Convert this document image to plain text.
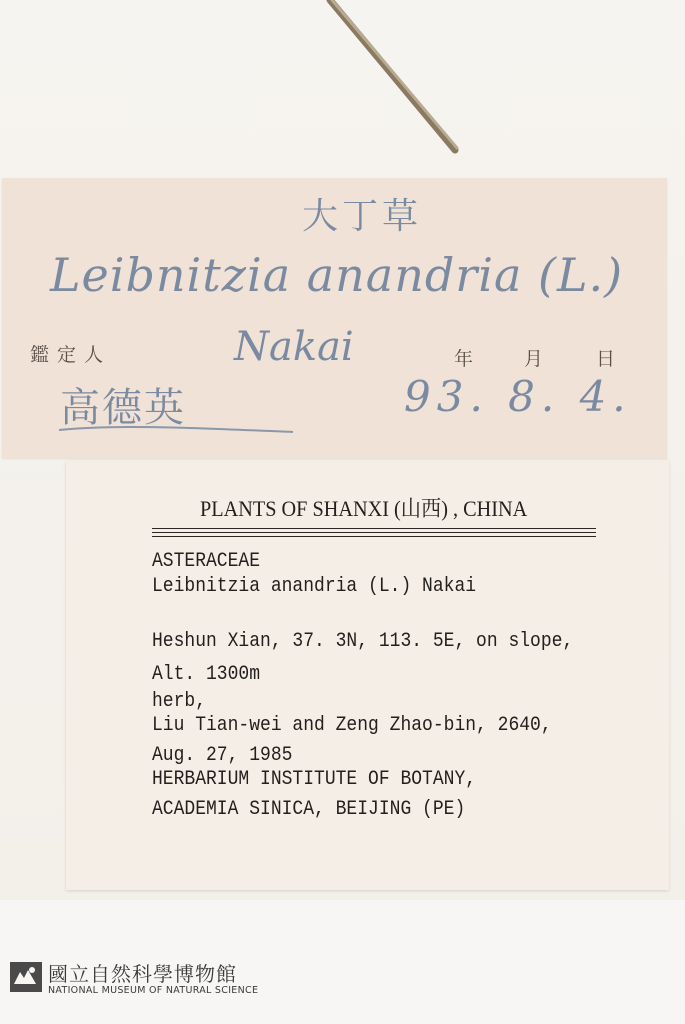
大丁草
Leibnitzia anandria (L.)
鑑定人	Nakai	年	月	日
高德英	93. 8. 4.
PLANTS OF SHANXI (山西) , CHINA
ASTERACEAE
Leibnitzia anandria (L.) Nakai
Heshun Xian, 37. 3N, 113. 5E, on slope,
Alt. 1300m
herb,
Liu Tian-wei and Zeng Zhao-bin, 2640,
Aug. 27, 1985
HERBARIUM INSTITUTE OF BOTANY,
ACADEMIA SINICA, BEIJING (PE)
國立自然科學博物館
NATIONAL MUSEUM OF NATURAL SCIENCE
